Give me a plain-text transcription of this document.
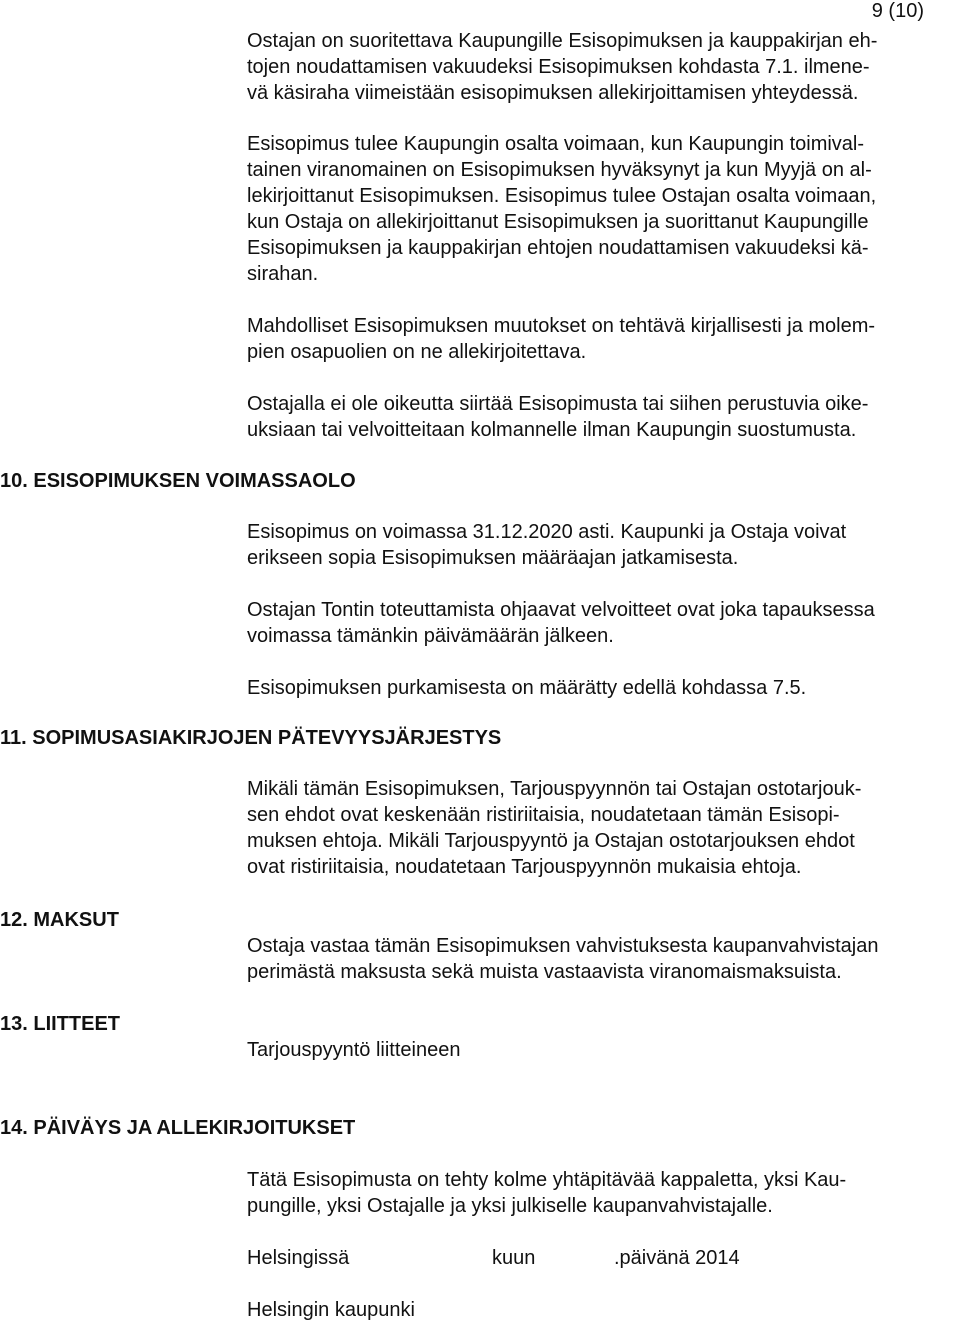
9 (10)
Ostajan on suoritettava Kaupungille Esisopimuksen ja kauppakirjan eh-
tojen noudattamisen vakuudeksi Esisopimuksen kohdasta 7.1. ilmene-
vä käsiraha viimeistään esisopimuksen allekirjoittamisen yhteydessä.
Esisopimus tulee Kaupungin osalta voimaan, kun Kaupungin toimival-
tainen viranomainen on Esisopimuksen hyväksynyt ja kun Myyjä on al-
lekirjoittanut Esisopimuksen. Esisopimus tulee Ostajan osalta voimaan,
kun Ostaja on allekirjoittanut Esisopimuksen ja suorittanut Kaupungille
Esisopimuksen ja kauppakirjan ehtojen noudattamisen vakuudeksi kä-
sirahan.
Mahdolliset Esisopimuksen muutokset on tehtävä kirjallisesti ja molem-
pien osapuolien on ne allekirjoitettava.
Ostajalla ei ole oikeutta siirtää Esisopimusta tai siihen perustuvia oike-
uksiaan tai velvoitteitaan kolmannelle ilman Kaupungin suostumusta.
10. ESISOPIMUKSEN VOIMASSAOLO
Esisopimus on voimassa 31.12.2020 asti. Kaupunki ja Ostaja voivat
erikseen sopia Esisopimuksen määräajan jatkamisesta.
Ostajan Tontin toteuttamista ohjaavat velvoitteet ovat joka tapauksessa
voimassa tämänkin päivämäärän jälkeen.
Esisopimuksen purkamisesta on määrätty edellä kohdassa 7.5.
11. SOPIMUSASIAKIRJOJEN PÄTEVYYSJÄRJESTYS
Mikäli tämän Esisopimuksen, Tarjouspyynnön tai Ostajan ostotarjouk-
sen ehdot ovat keskenään ristiriitaisia, noudatetaan tämän Esisopi-
muksen ehtoja. Mikäli Tarjouspyyntö ja Ostajan ostotarjouksen ehdot
ovat ristiriitaisia, noudatetaan Tarjouspyynnön mukaisia ehtoja.
12. MAKSUT
Ostaja vastaa tämän Esisopimuksen vahvistuksesta kaupanvahvistajan
perimästä maksusta sekä muista vastaavista viranomaismaksuista.
13. LIITTEET
Tarjouspyyntö liitteineen
14. PÄIVÄYS JA ALLEKIRJOITUKSET
Tätä Esisopimusta on tehty kolme yhtäpitävää kappaletta, yksi Kau-
pungille, yksi Ostajalle ja yksi julkiselle kaupanvahvistajalle.
Helsingissä	kuun	.päivänä 2014
Helsingin kaupunki
